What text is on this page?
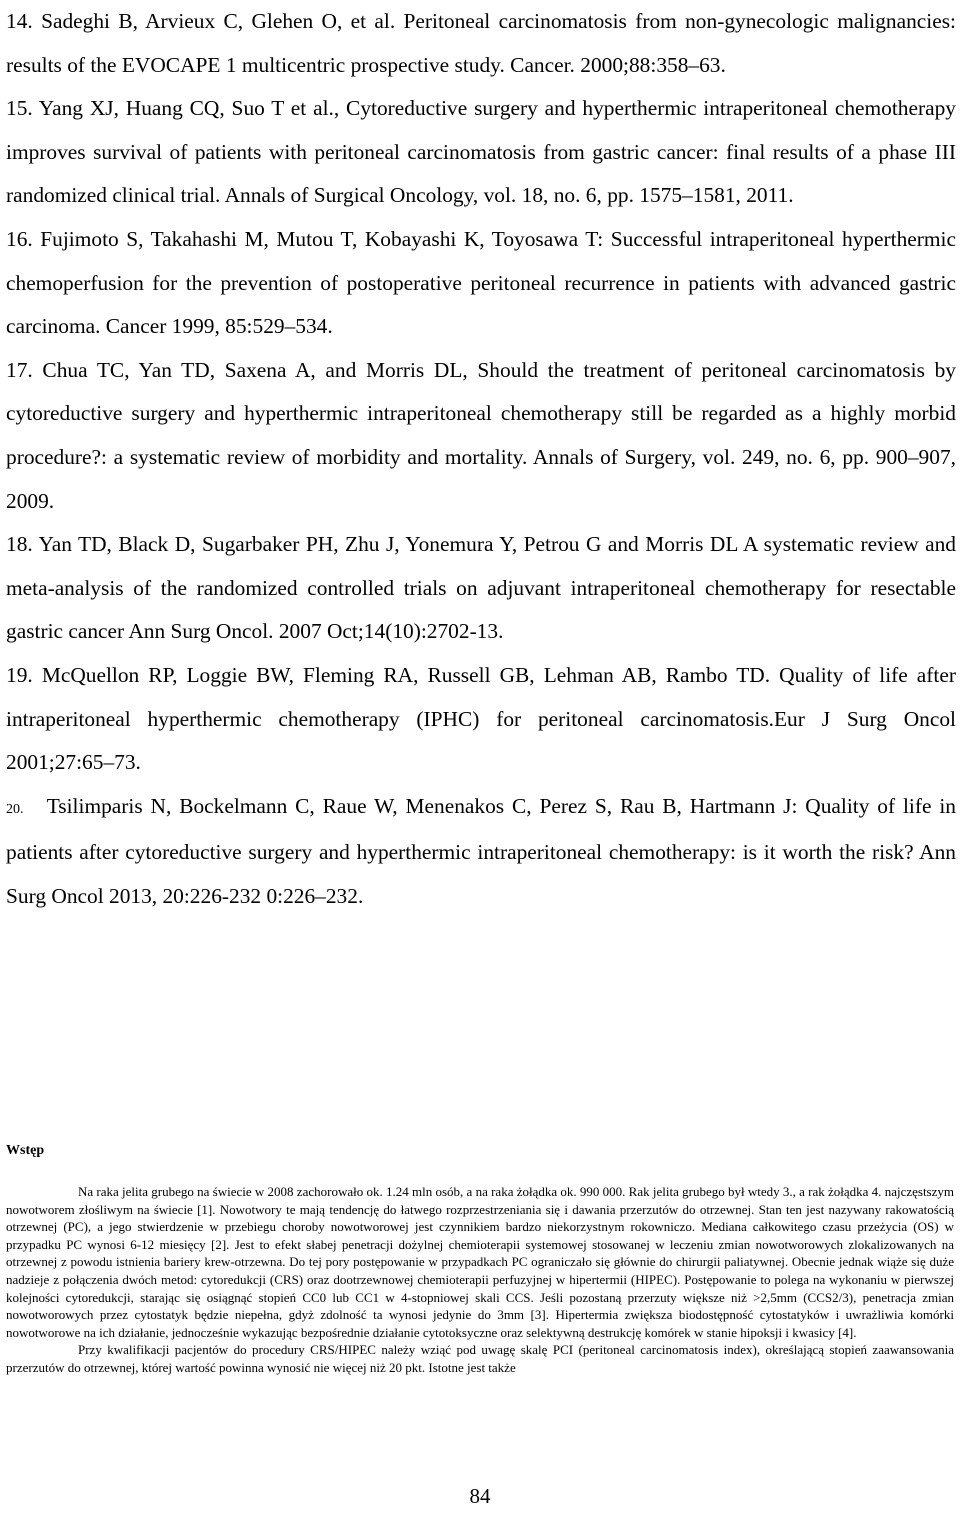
14. Sadeghi B, Arvieux C, Glehen O, et al. Peritoneal carcinomatosis from non-gynecologic malignancies: results of the EVOCAPE 1 multicentric prospective study. Cancer. 2000;88:358–63.

15. Yang XJ, Huang CQ, Suo T et al., Cytoreductive surgery and hyperthermic intraperitoneal chemotherapy improves survival of patients with peritoneal carcinomatosis from gastric cancer: final results of a phase III randomized clinical trial. Annals of Surgical Oncology, vol. 18, no. 6, pp. 1575–1581, 2011.

16. Fujimoto S, Takahashi M, Mutou T, Kobayashi K, Toyosawa T: Successful intraperitoneal hyperthermic chemoperfusion for the prevention of postoperative peritoneal recurrence in patients with advanced gastric carcinoma. Cancer 1999, 85:529–534.

17. Chua TC, Yan TD, Saxena A, and Morris DL, Should the treatment of peritoneal carcinomatosis by cytoreductive surgery and hyperthermic intraperitoneal chemotherapy still be regarded as a highly morbid procedure?: a systematic review of morbidity and mortality. Annals of Surgery, vol. 249, no. 6, pp. 900–907, 2009.

18. Yan TD, Black D, Sugarbaker PH, Zhu J, Yonemura Y, Petrou G and Morris DL A systematic review and meta-analysis of the randomized controlled trials on adjuvant intraperitoneal chemotherapy for resectable gastric cancer Ann Surg Oncol. 2007 Oct;14(10):2702-13.

19. McQuellon RP, Loggie BW, Fleming RA, Russell GB, Lehman AB, Rambo TD. Quality of life after intraperitoneal hyperthermic chemotherapy (IPHC) for peritoneal carcinomatosis.Eur J Surg Oncol 2001;27:65–73.

20. Tsilimparis N, Bockelmann C, Raue W, Menenakos C, Perez S, Rau B, Hartmann J: Quality of life in patients after cytoreductive surgery and hyperthermic intraperitoneal chemotherapy: is it worth the risk? Ann Surg Oncol 2013, 20:226-232 0:226–232.

Wstęp

Na raka jelita grubego na świecie w 2008 zachorowało ok. 1.24 mln osób, a na raka żołądka ok. 990 000. Rak jelita grubego był wtedy 3., a rak żołądka 4. najczęstszym nowotworem złośliwym na świecie [1]. Nowotwory te mają tendencję do łatwego rozprzestrzeniania się i dawania przerzutów do otrzewnej. Stan ten jest nazywany rakowatością otrzewnej (PC), a jego stwierdzenie w przebiegu choroby nowotworowej jest czynnikiem bardzo niekorzystnym rokowniczo. Mediana całkowitego czasu przeżycia (OS) w przypadku PC wynosi 6-12 miesięcy [2]. Jest to efekt słabej penetracji dożylnej chemioterapii systemowej stosowanej w leczeniu zmian nowotworowych zlokalizowanych na otrzewnej z powodu istnienia bariery krew-otrzewna. Do tej pory postępowanie w przypadkach PC ograniczało się głównie do chirurgii paliatywnej. Obecnie jednak wiąże się duże nadzieje z połączenia dwóch metod: cytoredukcji (CRS) oraz dootrzewnowej chemioterapii perfuzyjnej w hipertermii (HIPEC). Postępowanie to polega na wykonaniu w pierwszej kolejności cytoredukcji, starając się osiągnąć stopień CC0 lub CC1 w 4-stopniowej skali CCS. Jeśli pozostaną przerzuty większe niż >2,5mm (CCS2/3), penetracja zmian nowotworowych przez cytostatyk będzie niepełna, gdyż zdolność ta wynosi jedynie do 3mm [3]. Hipertermia zwiększa biodostępność cytostatyków i uwrażliwia komórki nowotworowe na ich działanie, jednocześnie wykazując bezpośrednie działanie cytotoksyczne oraz selektywną destrukcję komórek w stanie hipoksji i kwasicy [4].

Przy kwalifikacji pacjentów do procedury CRS/HIPEC należy wziąć pod uwagę skalę PCI (peritoneal carcinomatosis index), określającą stopień zaawansowania przerzutów do otrzewnej, której wartość powinna wynosić nie więcej niż 20 pkt. Istotne jest także

84
